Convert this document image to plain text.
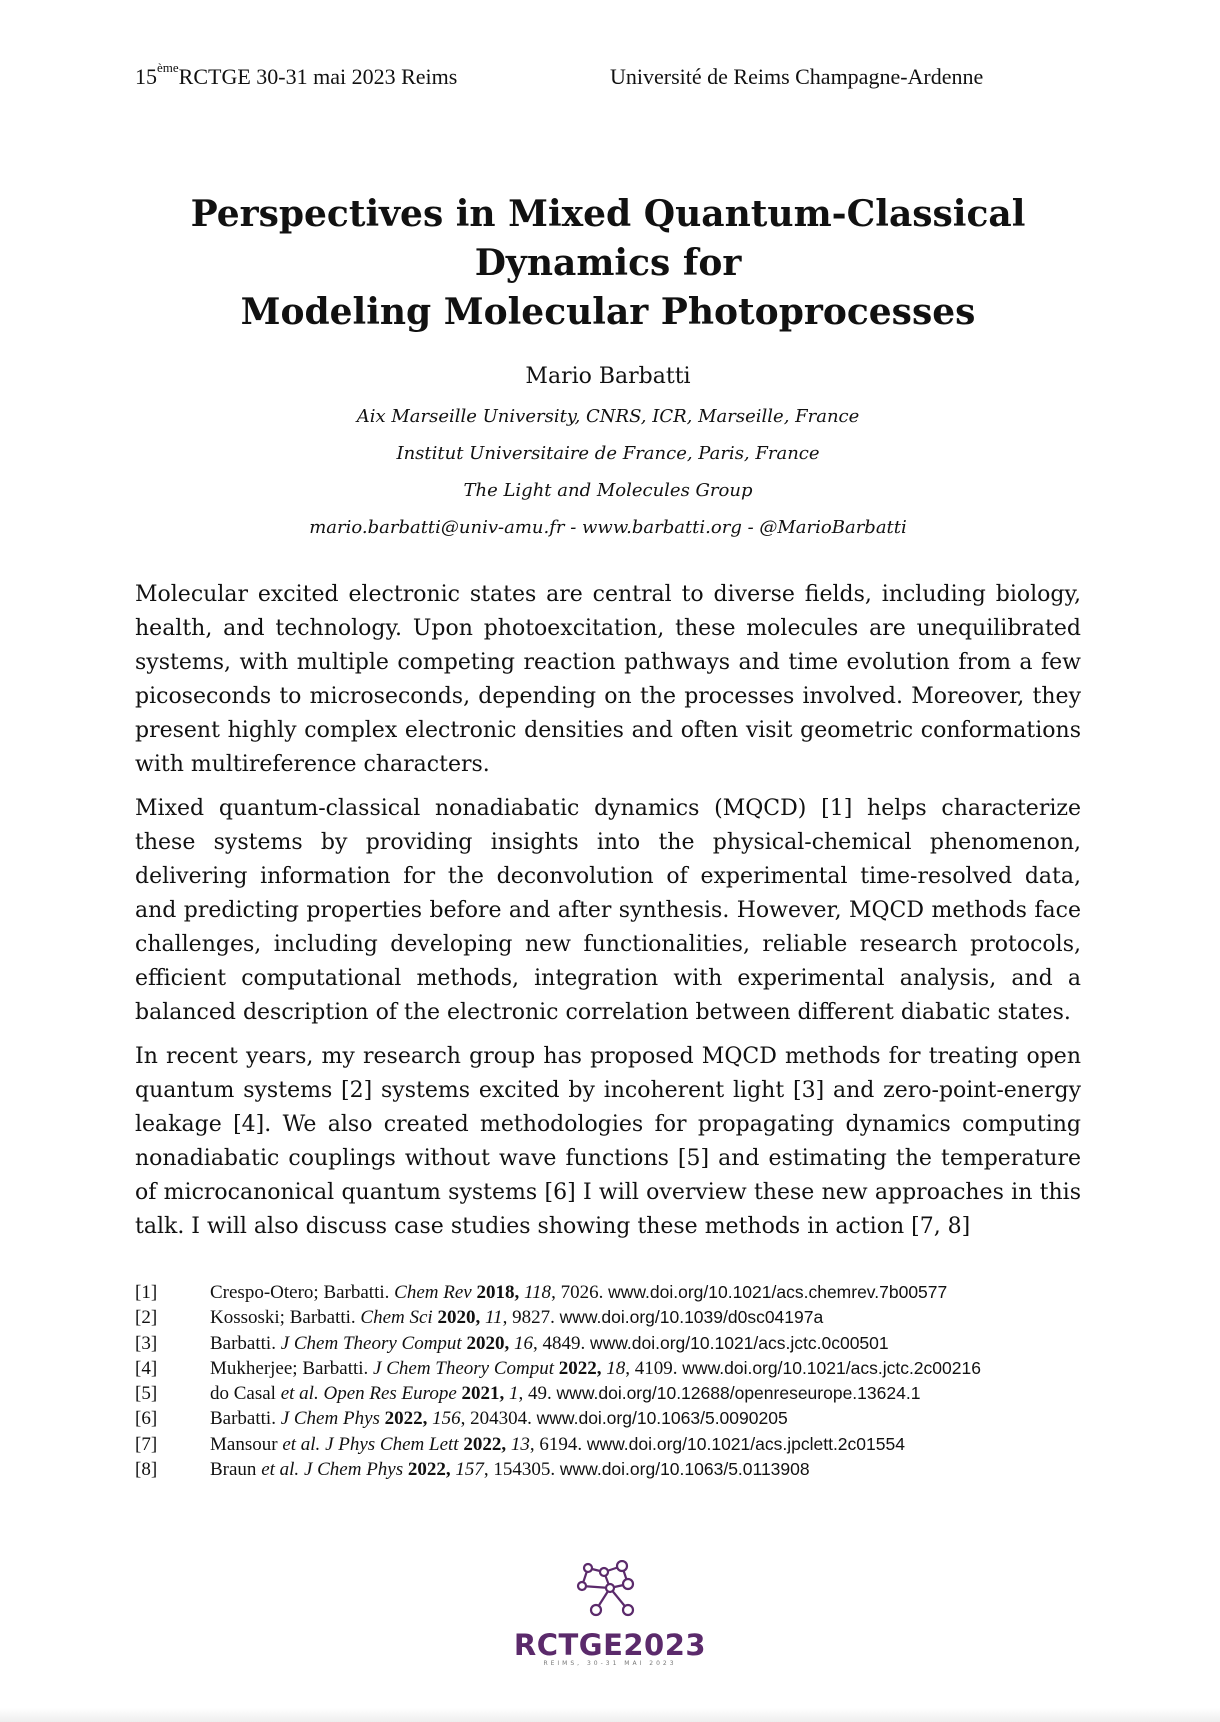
15èmeRCTGE 30-31 mai 2023 Reims	Université de Reims Champagne-Ardenne
Perspectives in Mixed Quantum-Classical
Dynamics for
Modeling Molecular Photoprocesses
Mario Barbatti
Aix Marseille University, CNRS, ICR, Marseille, France
Institut Universitaire de France, Paris, France
The Light and Molecules Group
mario.barbatti@univ-amu.fr - www.barbatti.org - @MarioBarbatti

Molecular excited electronic states are central to diverse fields, including biology, health, and technology. Upon photoexcitation, these molecules are unequilibrated systems, with multiple competing reaction pathways and time evolution from a few picoseconds to microseconds, depending on the processes involved. Moreover, they present highly complex electronic densities and often visit geometric conformations with multireference characters.

Mixed quantum-classical nonadiabatic dynamics (MQCD) [1] helps characterize these systems by providing insights into the physical-chemical phenomenon, delivering information for the deconvolution of experimental time-resolved data, and predicting properties before and after synthesis. However, MQCD methods face challenges, including developing new functionalities, reliable research protocols, efficient computational methods, integration with experimental analysis, and a balanced description of the electronic correlation between different diabatic states.

In recent years, my research group has proposed MQCD methods for treating open quantum systems [2] systems excited by incoherent light [3] and zero-point-energy leakage [4]. We also created methodologies for propagating dynamics computing nonadiabatic couplings without wave functions [5] and estimating the temperature of microcanonical quantum systems [6] I will overview these new approaches in this talk. I will also discuss case studies showing these methods in action [7, 8]

[1]	Crespo-Otero; Barbatti. Chem Rev 2018, 118, 7026. www.doi.org/10.1021/acs.chemrev.7b00577
[2]	Kossoski; Barbatti. Chem Sci 2020, 11, 9827. www.doi.org/10.1039/d0sc04197a
[3]	Barbatti. J Chem Theory Comput 2020, 16, 4849. www.doi.org/10.1021/acs.jctc.0c00501
[4]	Mukherjee; Barbatti. J Chem Theory Comput 2022, 18, 4109. www.doi.org/10.1021/acs.jctc.2c00216
[5]	do Casal et al. Open Res Europe 2021, 1, 49. www.doi.org/10.12688/openreseurope.13624.1
[6]	Barbatti. J Chem Phys 2022, 156, 204304. www.doi.org/10.1063/5.0090205
[7]	Mansour et al. J Phys Chem Lett 2022, 13, 6194. www.doi.org/10.1021/acs.jpclett.2c01554
[8]	Braun et al. J Chem Phys 2022, 157, 154305. www.doi.org/10.1063/5.0113908
RCTGE2023
REIMS, 30-31 MAI 2023
